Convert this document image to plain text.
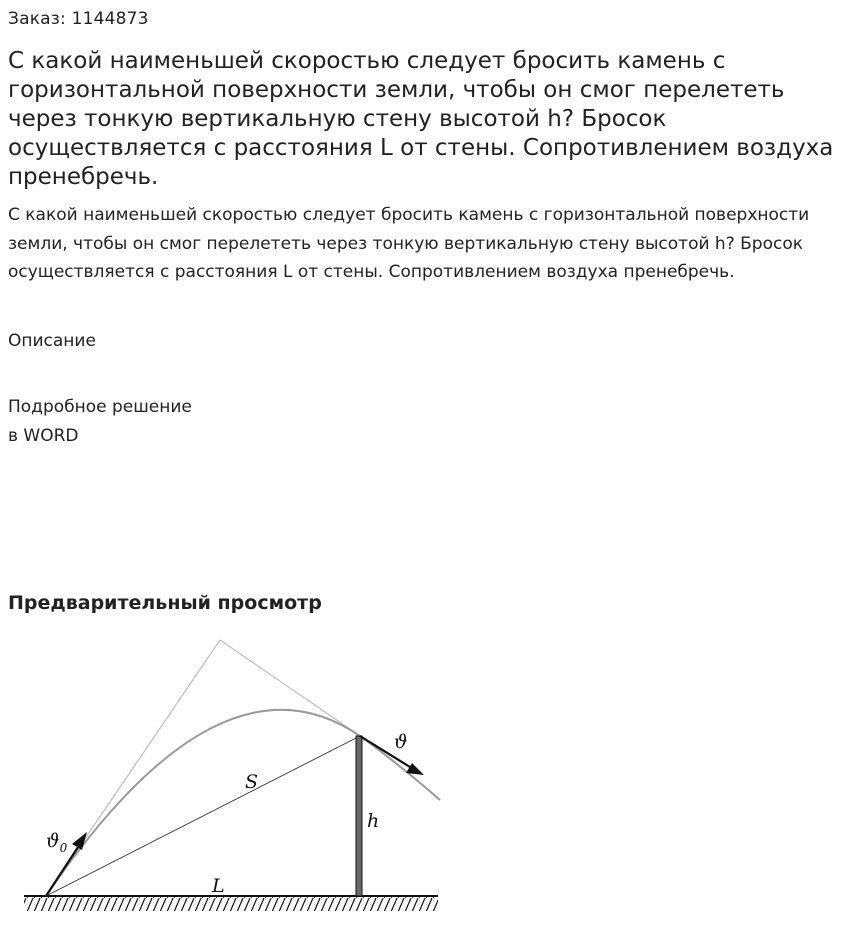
Заказ: 1144873
С какой наименьшей скоростью следует бросить камень с горизонтальной поверхности земли, чтобы он смог перелететь через тонкую вертикальную стену высотой h? Бросок осуществляется с расстояния L от стены. Сопротивлением воздуха пренебречь.

С какой наименьшей скоростью следует бросить камень с горизонтальной поверхности земли, чтобы он смог перелететь через тонкую вертикальную стену высотой h? Бросок осуществляется с расстояния L от стены. Сопротивлением воздуха пренебречь.

Описание
Подробное решение
в WORD
Предварительный просмотр
$ϑ_0$
ϑ
S
h
L
